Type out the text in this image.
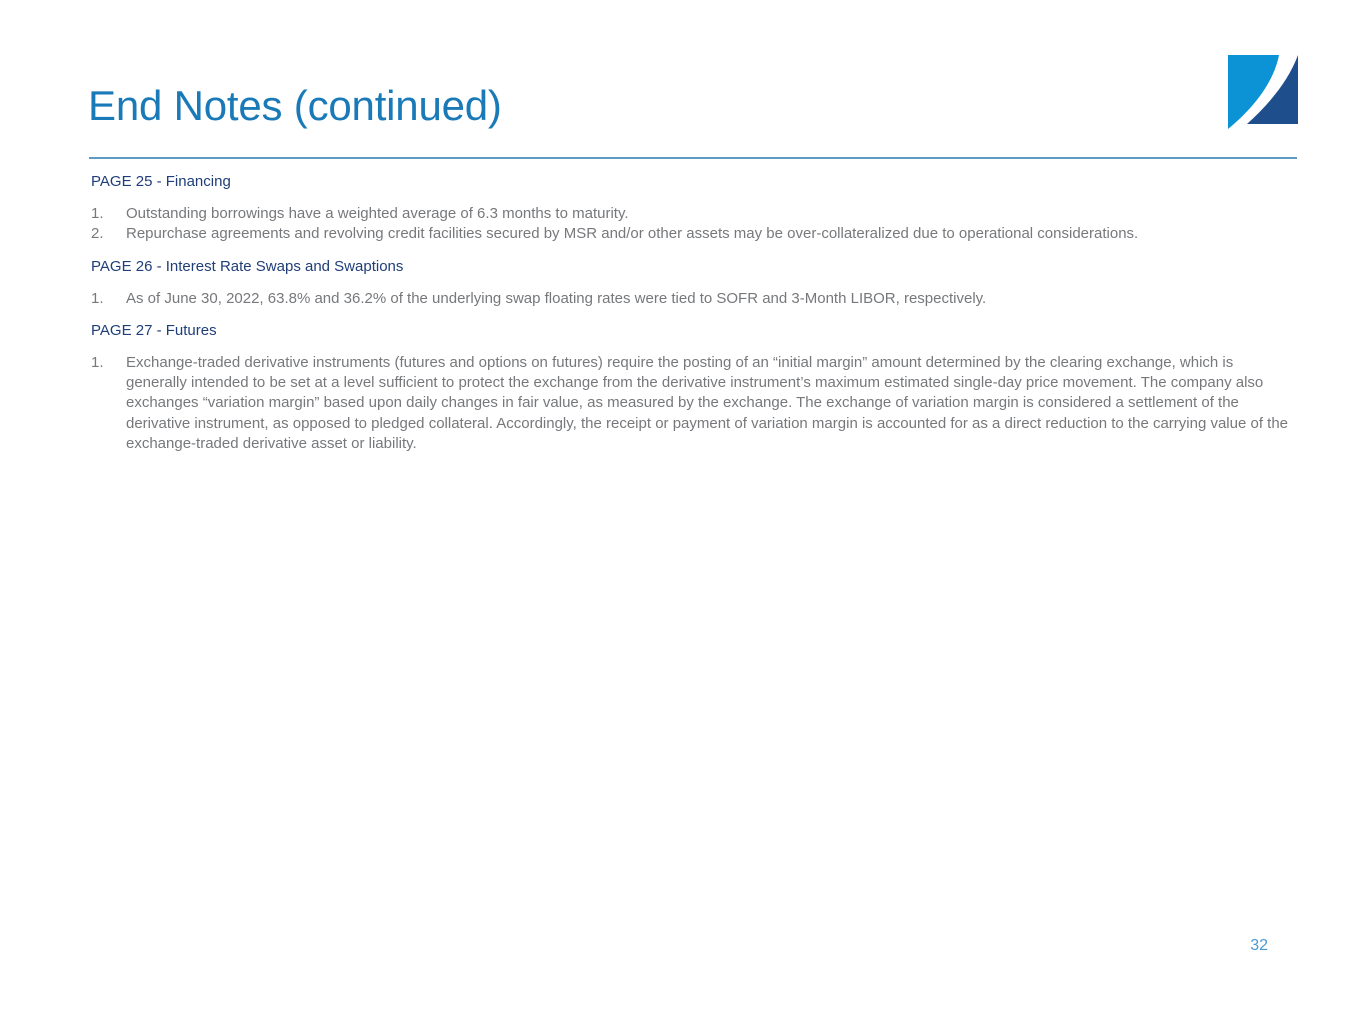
End Notes (continued)

PAGE 25 - Financing

1.	Outstanding borrowings have a weighted average of 6.3 months to maturity.
2.	Repurchase agreements and revolving credit facilities secured by MSR and/or other assets may be over-collateralized due to operational considerations.

PAGE 26 - Interest Rate Swaps and Swaptions

1.	As of June 30, 2022, 63.8% and 36.2% of the underlying swap floating rates were tied to SOFR and 3-Month LIBOR, respectively.

PAGE 27 - Futures

1.	Exchange-traded derivative instruments (futures and options on futures) require the posting of an “initial margin” amount determined by the clearing exchange, which is generally intended to be set at a level sufficient to protect the exchange from the derivative instrument’s maximum estimated single-day price movement. The company also exchanges “variation margin” based upon daily changes in fair value, as measured by the exchange. The exchange of variation margin is considered a settlement of the derivative instrument, as opposed to pledged collateral. Accordingly, the receipt or payment of variation margin is accounted for as a direct reduction to the carrying value of the exchange-traded derivative asset or liability.
32
